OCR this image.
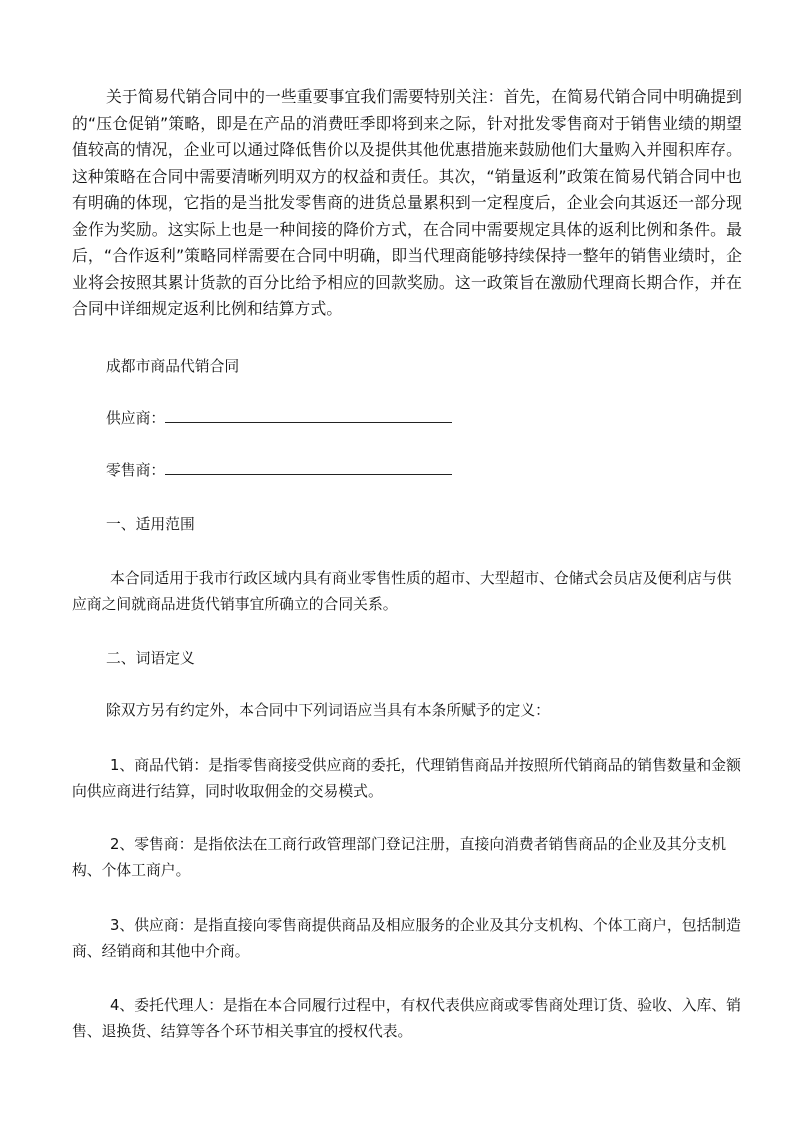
关于简易代销合同中的一些重要事宜我们需要特别关注：首先，在简易代销合同中明确提到的“压仓促销”策略，即是在产品的消费旺季即将到来之际，针对批发零售商对于销售业绩的期望值较高的情况，企业可以通过降低售价以及提供其他优惠措施来鼓励他们大量购入并囤积库存。这种策略在合同中需要清晰列明双方的权益和责任。其次，“销量返利”政策在简易代销合同中也有明确的体现，它指的是当批发零售商的进货总量累积到一定程度后，企业会向其返还一部分现金作为奖励。这实际上也是一种间接的降价方式，在合同中需要规定具体的返利比例和条件。最后，“合作返利”策略同样需要在合同中明确，即当代理商能够持续保持一整年的销售业绩时，企业将会按照其累计货款的百分比给予相应的回款奖励。这一政策旨在激励代理商长期合作，并在合同中详细规定返利比例和结算方式。

成都市商品代销合同

供应商：
零售商：

一、适用范围

本合同适用于我市行政区域内具有商业零售性质的超市、大型超市、仓储式会员店及便利店与供应商之间就商品进货代销事宜所确立的合同关系。

二、词语定义

除双方另有约定外，本合同中下列词语应当具有本条所赋予的定义：

1、商品代销：是指零售商接受供应商的委托，代理销售商品并按照所代销商品的销售数量和金额向供应商进行结算，同时收取佣金的交易模式。

2、零售商：是指依法在工商行政管理部门登记注册，直接向消费者销售商品的企业及其分支机构、个体工商户。

3、供应商：是指直接向零售商提供商品及相应服务的企业及其分支机构、个体工商户，包括制造商、经销商和其他中介商。

4、委托代理人：是指在本合同履行过程中，有权代表供应商或零售商处理订货、验收、入库、销售、退换货、结算等各个环节相关事宜的授权代表。
